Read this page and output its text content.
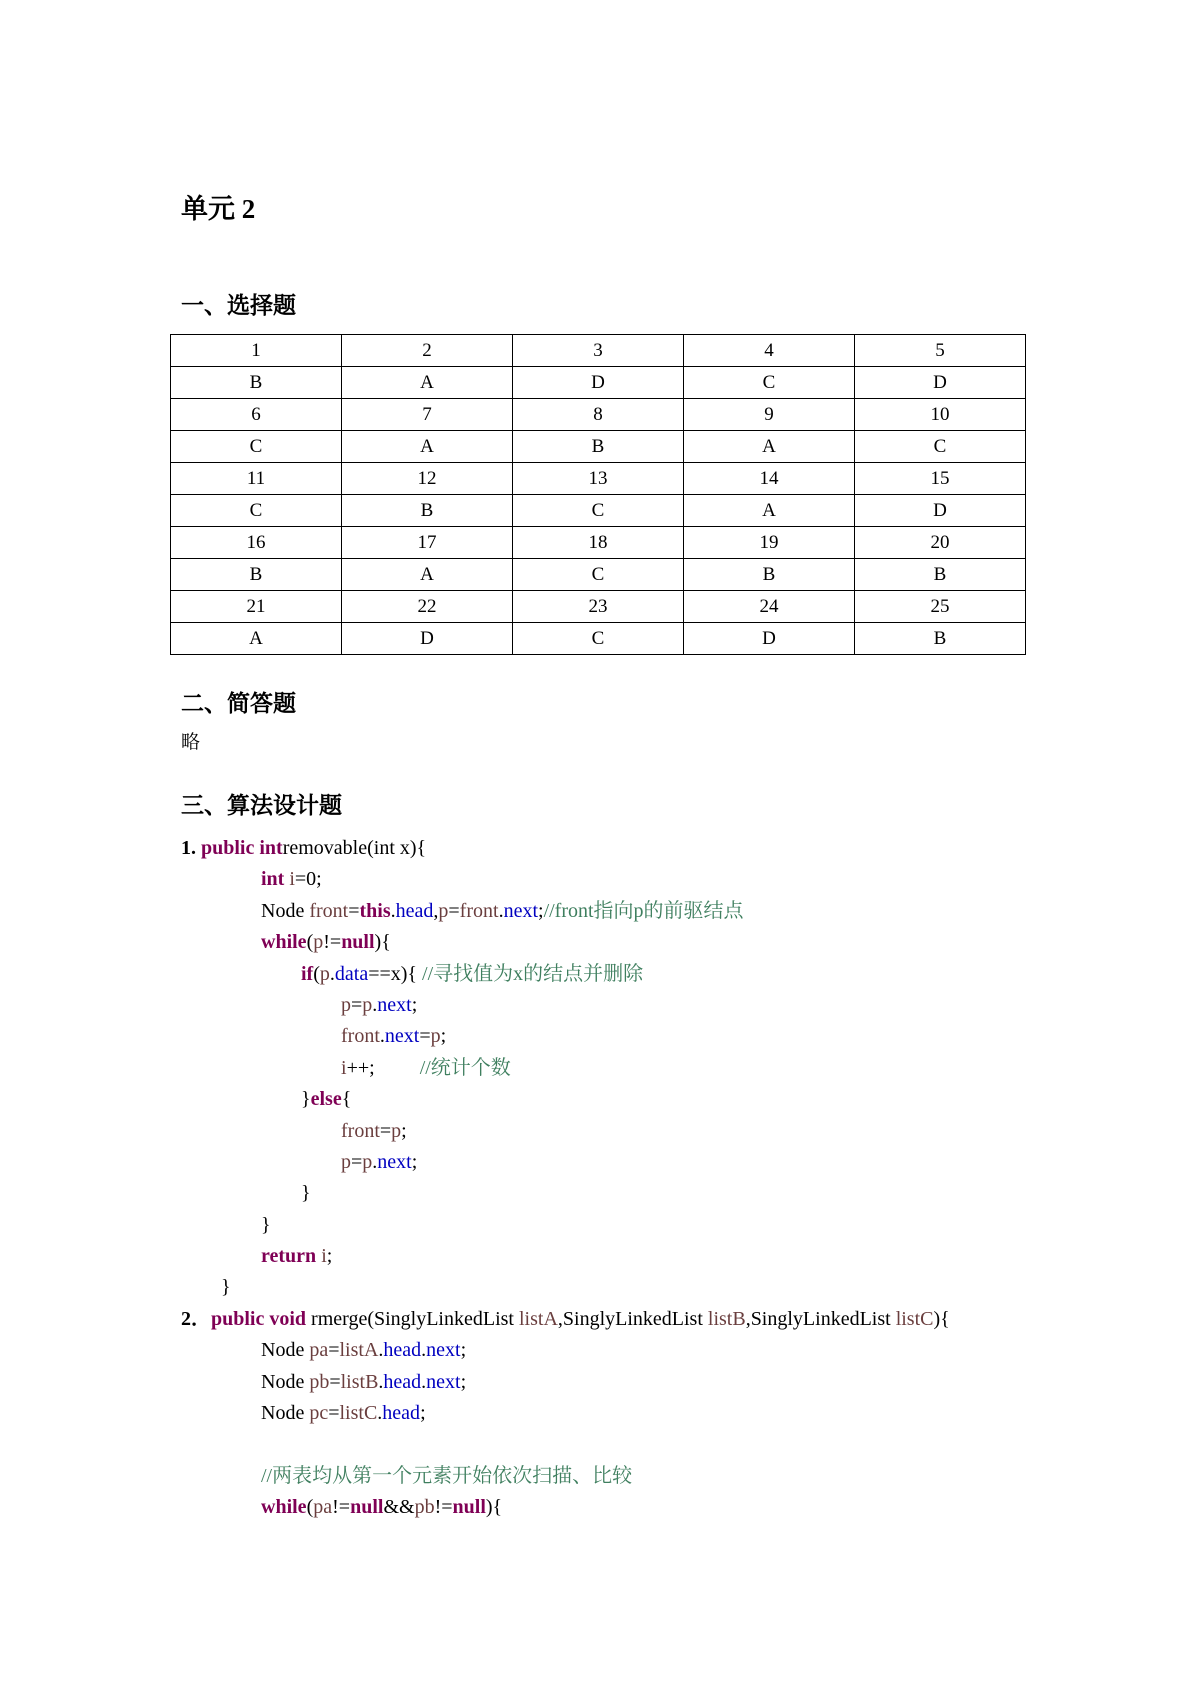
单元 2
一、选择题
1	2	3	4	5
B	A	D	C	D
6	7	8	9	10
C	A	B	A	C
11	12	13	14	15
C	B	C	A	D
16	17	18	19	20
B	A	C	B	B
21	22	23	24	25
A	D	C	D	B
二、简答题

略

三、算法设计题
1. public intremovable(int x){
int i=0;
Node front=this.head,p=front.next;//front指向p的前驱结点
while(p!=null){
if(p.data==x){ //寻找值为x的结点并删除
p=p.next;
front.next=p;
i++;         //统计个数
}else{
front=p;
p=p.next;
}
}
return i;
}
2．public void rmerge(SinglyLinkedList listA,SinglyLinkedList listB,SinglyLinkedList listC){
Node pa=listA.head.next;
Node pb=listB.head.next;
Node pc=listC.head;
//两表均从第一个元素开始依次扫描、比较
while(pa!=null&&pb!=null){
